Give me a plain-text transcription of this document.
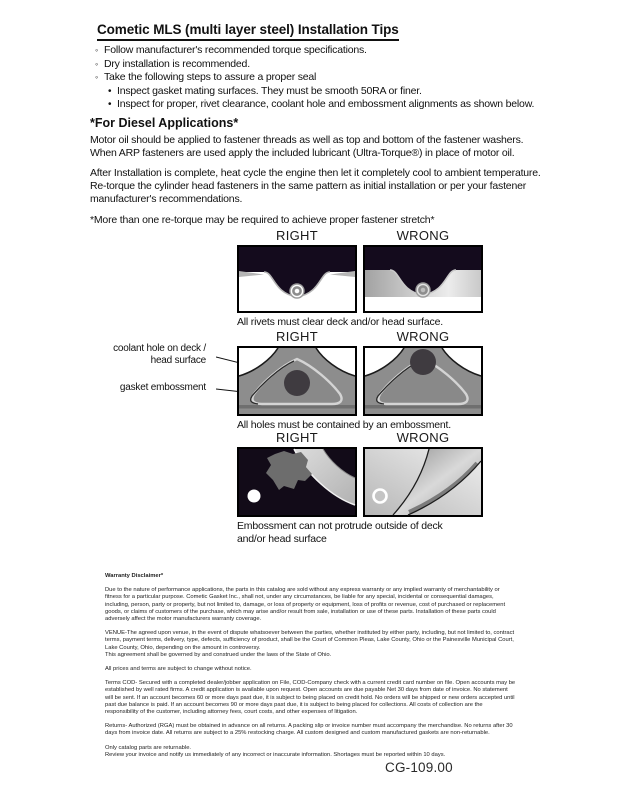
Cometic MLS (multi layer steel) Installation Tips
◦ Follow manufacturer's recommended torque specifications.
◦ Dry installation is recommended.
◦ Take the following steps to assure a proper seal
• Inspect gasket mating surfaces. They must be smooth 50RA or finer.
• Inspect for proper, rivet clearance, coolant hole and embossment alignments as shown below.
*For Diesel Applications*
Motor oil should be applied to fastener threads as well as top and bottom of the fastener washers. When ARP fasteners are used apply the included lubricant (Ultra-Torque®) in place of motor oil.
After Installation is complete, heat cycle the engine then let it completely cool to ambient temperature. Re-torque the cylinder head fasteners in the same pattern as initial installation or per your fastener manufacturer's recommendations.
*More than one re-torque may be required to achieve proper fastener stretch*
RIGHT	WRONG
All rivets must clear deck and/or head surface.
coolant hole on deck / head surface
gasket embossment
RIGHT	WRONG
All holes must be contained by an embossment.
RIGHT	WRONG
Embossment can not protrude outside of deck and/or head surface
Warranty Disclaimer*

Due to the nature of performance applications, the parts in this catalog are sold without any express warranty or any implied warranty of merchantability or fitness for a particular purpose. Cometic Gasket Inc., shall not, under any circumstances, be liable for any special, incidental or consequential damages, including, person, party or property, but not limited to, damage, or loss of property or equipment, loss of profits or revenue, cost of purchased or replacement goods, or claims of customers of the purchase, which may arise and/or result from sale, installation or use of these parts. Installation of these parts could adversely affect the motor manufacturers warranty coverage.

VENUE-The agreed upon venue, in the event of dispute whatsoever between the parties, whether instituted by either party, including, but not limited to, contract terms, payment terms, delivery, type, defects, sufficiency of product, shall be the Court of Common Pleas, Lake County, Ohio or the Painesville Municipal Court, Lake County, Ohio, depending on the amount in controversy.

This agreement shall be governed by and construed under the laws of the State of Ohio.

All prices and terms are subject to change without notice.

Terms COD- Secured with a completed dealer/jobber application on File, COD-Company check with a current credit card number on file. Open accounts may be established by well rated firms. A credit application is available upon request. Open accounts are due payable Net 30 days from date of invoice. No statement will be sent. If an account becomes 60 or more days past due, it is subject to being placed on credit hold. No orders will be shipped or new orders accepted until past due balance is paid. If an account becomes 90 or more days past due, it is subject to being placed for collections. All costs of collection are the responsibility of the customer, including attorney fees, court costs, and other expenses of litigation.

Returns- Authorized (RGA) must be obtained in advance on all returns. A packing slip or invoice number must accompany the merchandise. No returns after 30 days from invoice date. All returns are subject to a 25% restocking charge. All custom designed and custom manufactured gaskets are non-returnable.

Only catalog parts are returnable.

Review your invoice and notify us immediately of any incorrect or inaccurate information. Shortages must be reported within 10 days.

CG-109.00
